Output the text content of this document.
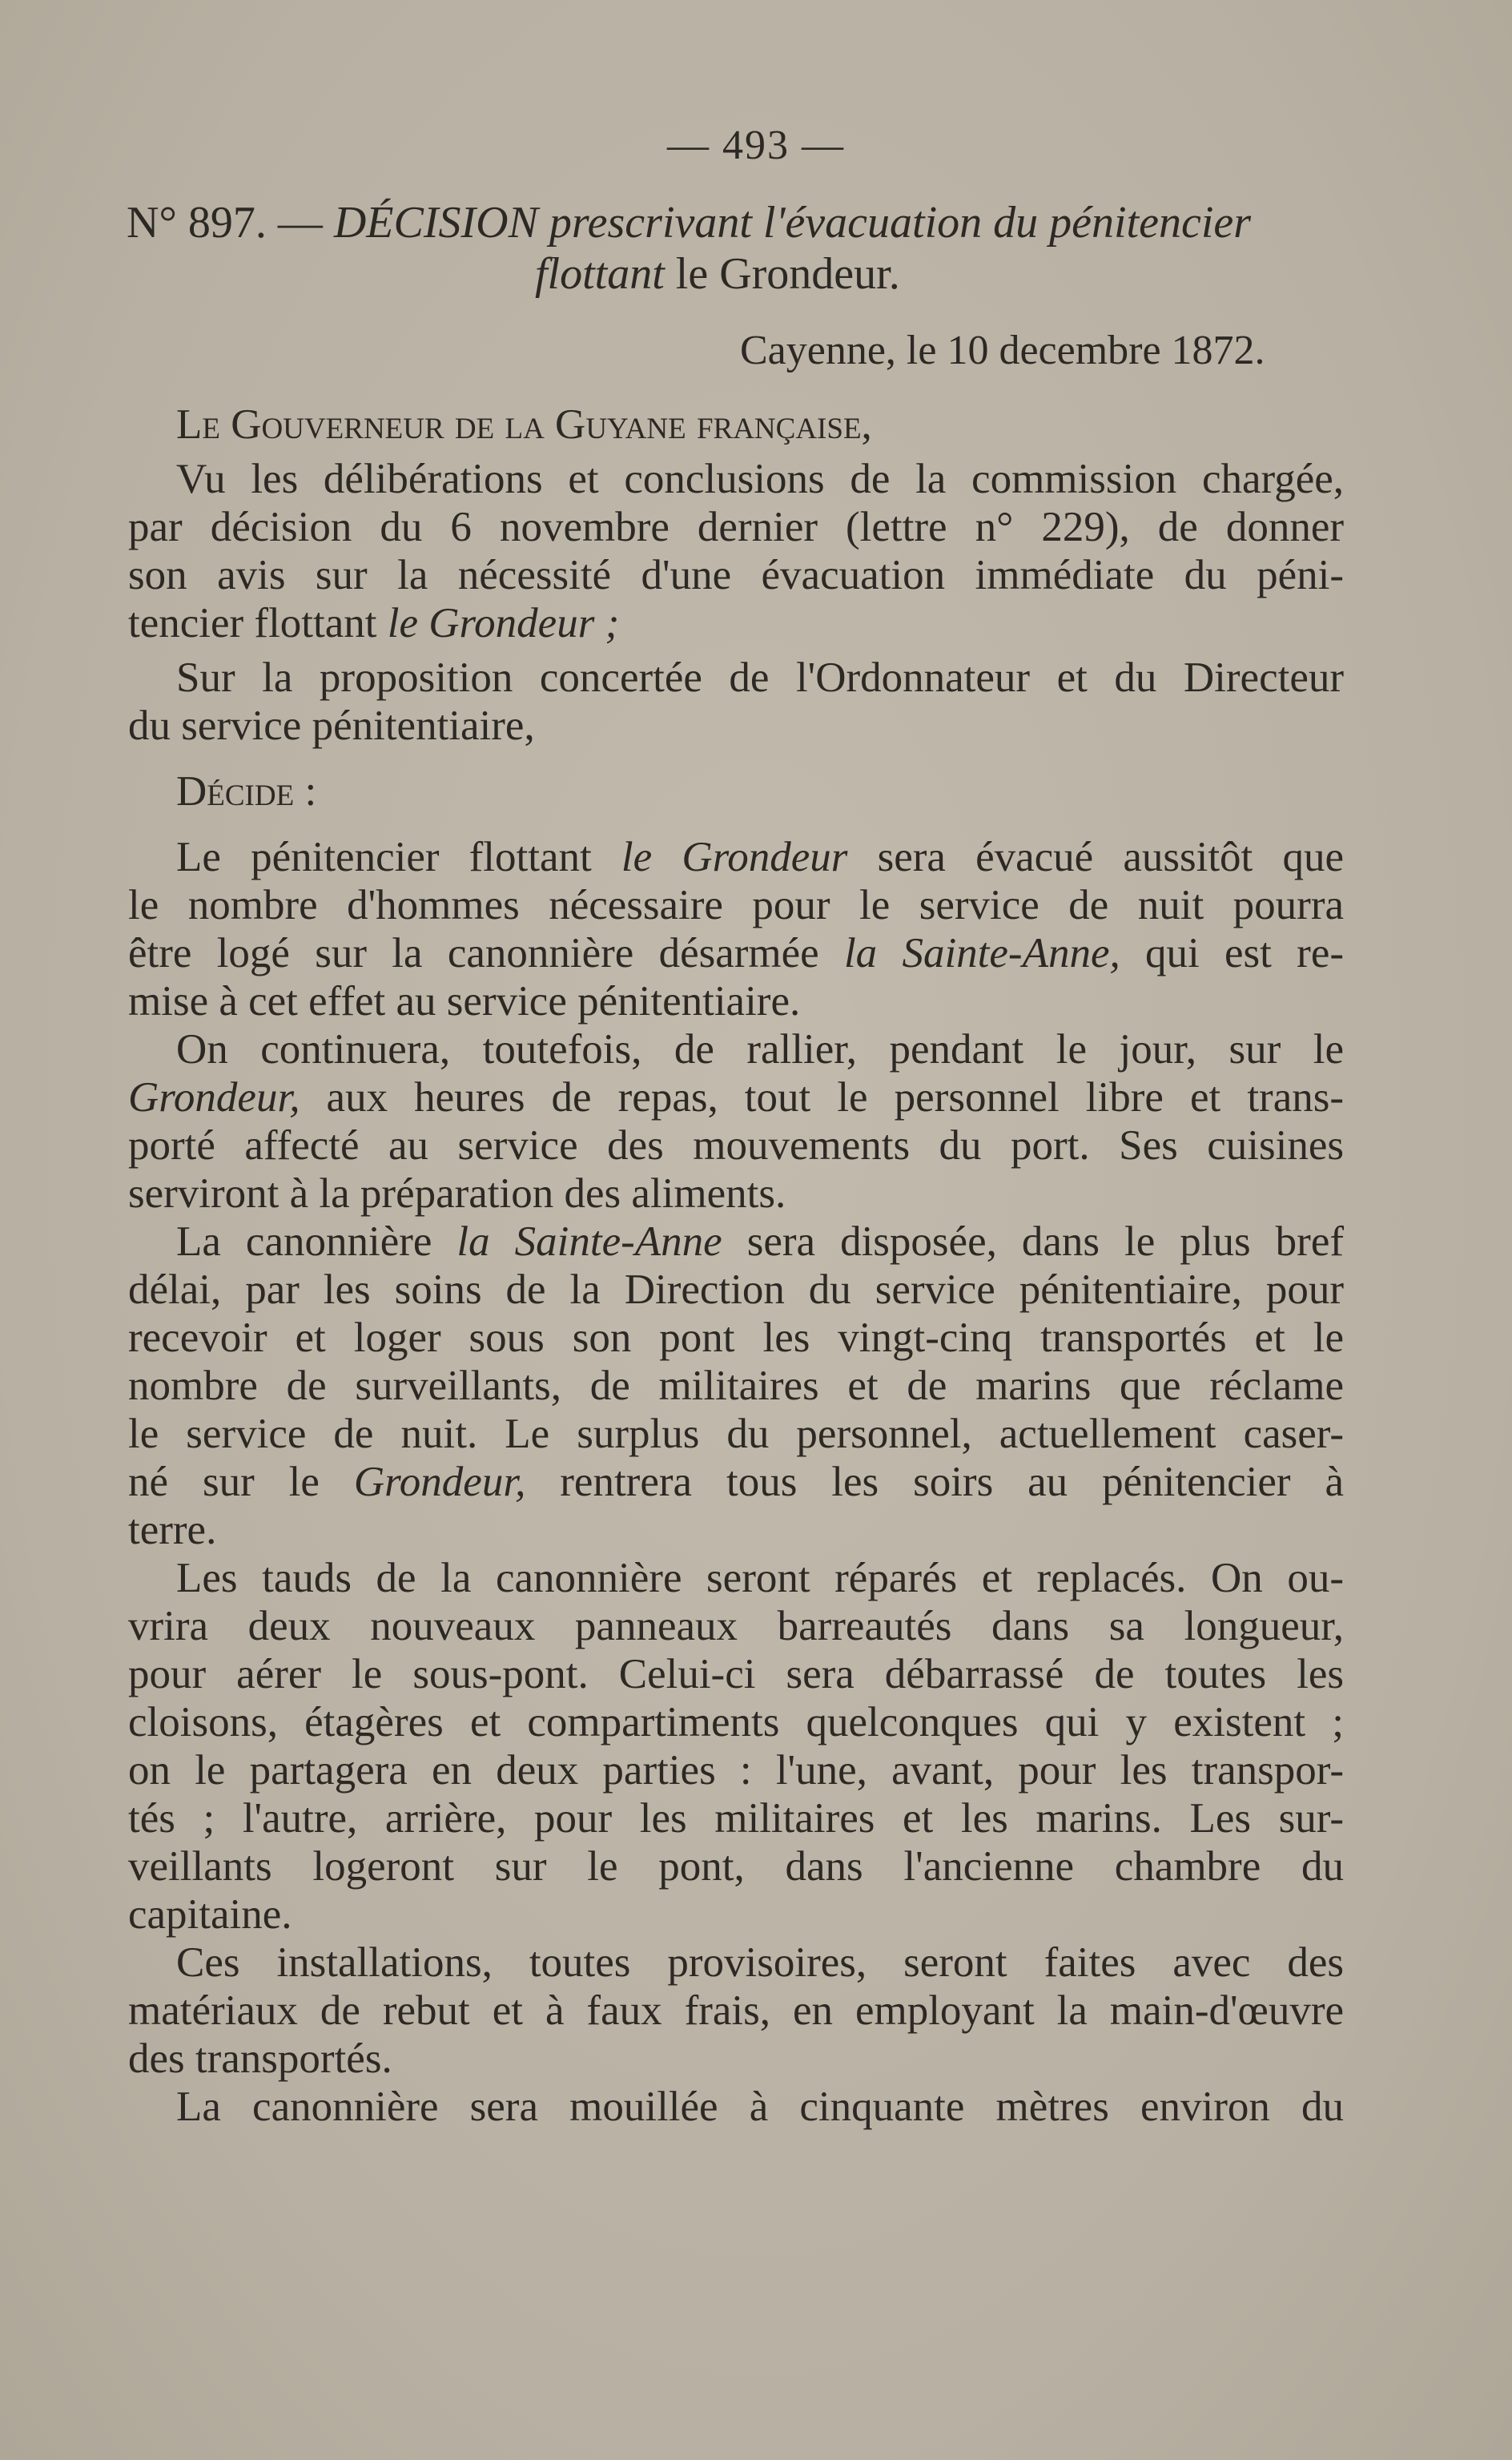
— 493 —
N° 897. — DÉCISION prescrivant l'évacuation du pénitencier
flottant le Grondeur.
Cayenne, le 10 decembre 1872.
Le Gouverneur de la Guyane française,
Vu les délibérations et conclusions de la commission chargée,
par décision du 6 novembre dernier (lettre n° 229), de donner
son avis sur la nécessité d'une évacuation immédiate du péni-
tencier flottant le Grondeur ;
Sur la proposition concertée de l'Ordonnateur et du Directeur
du service pénitentiaire,
Décide :
Le pénitencier flottant le Grondeur sera évacué aussitôt que
le nombre d'hommes nécessaire pour le service de nuit pourra
être logé sur la canonnière désarmée la Sainte-Anne, qui est re-
mise à cet effet au service pénitentiaire.
On continuera, toutefois, de rallier, pendant le jour, sur le
Grondeur, aux heures de repas, tout le personnel libre et trans-
porté affecté au service des mouvements du port. Ses cuisines
serviront à la préparation des aliments.
La canonnière la Sainte-Anne sera disposée, dans le plus bref
délai, par les soins de la Direction du service pénitentiaire, pour
recevoir et loger sous son pont les vingt-cinq transportés et le
nombre de surveillants, de militaires et de marins que réclame
le service de nuit. Le surplus du personnel, actuellement caser-
né sur le Grondeur, rentrera tous les soirs au pénitencier à
terre.
Les tauds de la canonnière seront réparés et replacés. On ou-
vrira deux nouveaux panneaux barreautés dans sa longueur,
pour aérer le sous-pont. Celui-ci sera débarrassé de toutes les
cloisons, étagères et compartiments quelconques qui y existent ;
on le partagera en deux parties : l'une, avant, pour les transpor-
tés ; l'autre, arrière, pour les militaires et les marins. Les sur-
veillants logeront sur le pont, dans l'ancienne chambre du
capitaine.
Ces installations, toutes provisoires, seront faites avec des
matériaux de rebut et à faux frais, en employant la main-d'œuvre
des transportés.
La canonnière sera mouillée à cinquante mètres environ du
